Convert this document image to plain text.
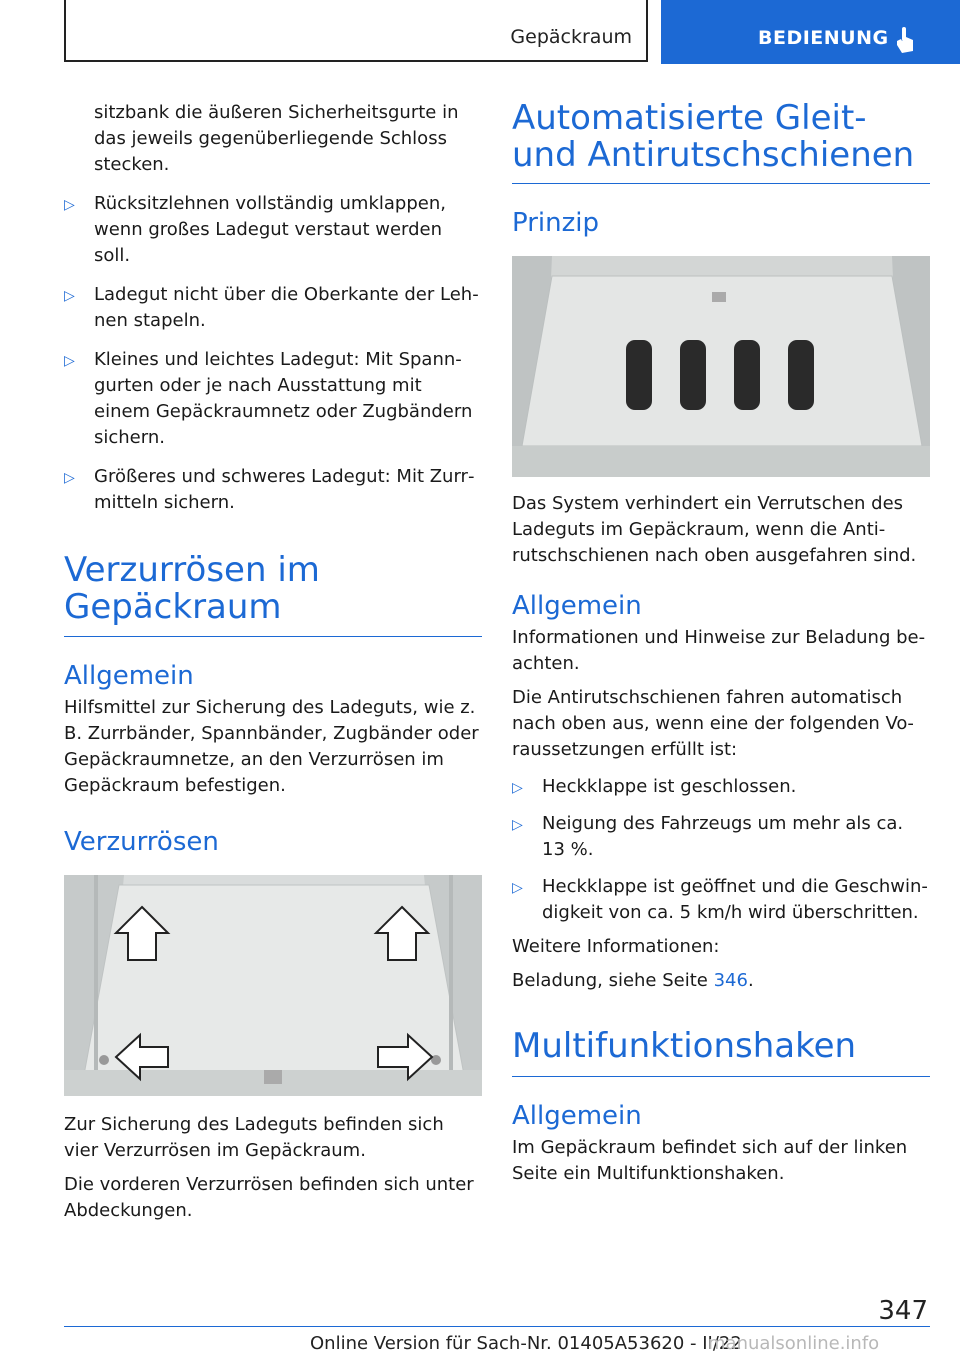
Gepäckraum	BEDIENUNG

sitzbank die äußeren Sicherheitsgurte in das jeweils gegenüberliegende Schloss stecken.

▷ Rücksitzlehnen vollständig umklappen, wenn großes Ladegut verstaut werden soll.
▷ Ladegut nicht über die Oberkante der Lehnen stapeln.
▷ Kleines und leichtes Ladegut: Mit Spanngurten oder je nach Ausstattung mit einem Gepäckraumnetz oder Zugbändern sichern.
▷ Größeres und schweres Ladegut: Mit Zurrmitteln sichern.
Verzurrösen im Gepäckraum
Allgemein

Hilfsmittel zur Sicherung des Ladeguts, wie z. B. Zurrbänder, Spannbänder, Zugbänder oder Gepäckraumnetze, an den Verzurrösen im Gepäckraum befestigen.

Verzurrösen

Zur Sicherung des Ladeguts befinden sich vier Verzurrösen im Gepäckraum.

Die vorderen Verzurrösen befinden sich unter Abdeckungen.

Automatisierte Gleit- und Antirutschschienen
Prinzip

Das System verhindert ein Verrutschen des Ladeguts im Gepäckraum, wenn die Antirutschschienen nach oben ausgefahren sind.

Allgemein

Informationen und Hinweise zur Beladung beachten.

Die Antirutschschienen fahren automatisch nach oben aus, wenn eine der folgenden Voraussetzungen erfüllt ist:

▷ Heckklappe ist geschlossen.
▷ Neigung des Fahrzeugs um mehr als ca. 13 %.
▷ Heckklappe ist geöffnet und die Geschwindigkeit von ca. 5 km/h wird überschritten.

Weitere Informationen:

Beladung, siehe Seite 346.

Multifunktionshaken
Allgemein

Im Gepäckraum befindet sich auf der linken Seite ein Multifunktionshaken.

347
Online Version für Sach-Nr. 01405A53620 - II/22
manualsonline.info
